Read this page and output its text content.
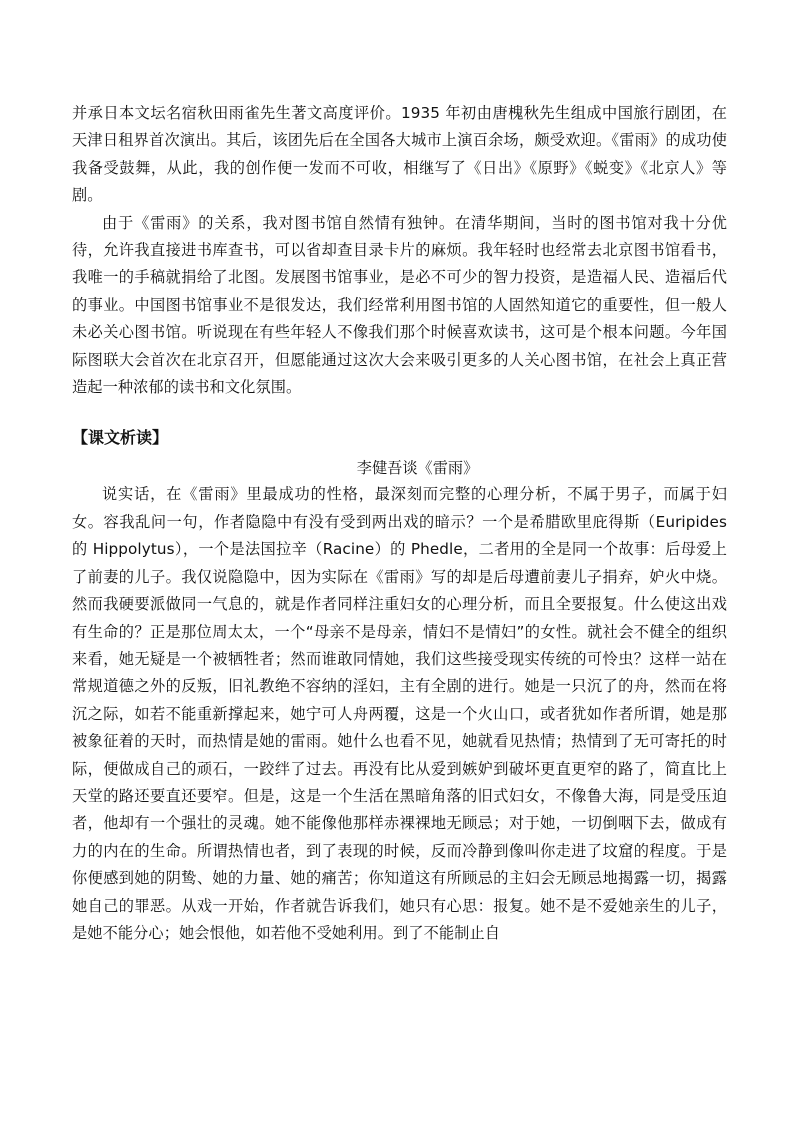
并承日本文坛名宿秋田雨雀先生著文高度评价。1935 年初由唐槐秋先生组成中国旅行剧团，在天津日租界首次演出。其后，该团先后在全国各大城市上演百余场，颇受欢迎。《雷雨》的成功使我备受鼓舞，从此，我的创作便一发而不可收，相继写了《日出》《原野》《蜕变》《北京人》等剧。

由于《雷雨》的关系，我对图书馆自然情有独钟。在清华期间，当时的图书馆对我十分优待，允许我直接进书库查书，可以省却查目录卡片的麻烦。我年轻时也经常去北京图书馆看书，我唯一的手稿就捐给了北图。发展图书馆事业，是必不可少的智力投资，是造福人民、造福后代的事业。中国图书馆事业不是很发达，我们经常利用图书馆的人固然知道它的重要性，但一般人未必关心图书馆。听说现在有些年轻人不像我们那个时候喜欢读书，这可是个根本问题。今年国际图联大会首次在北京召开，但愿能通过这次大会来吸引更多的人关心图书馆，在社会上真正营造起一种浓郁的读书和文化氛围。

【课文析读】
李健吾谈《雷雨》

说实话，在《雷雨》里最成功的性格，最深刻而完整的心理分析，不属于男子，而属于妇女。容我乱问一句，作者隐隐中有没有受到两出戏的暗示？一个是希腊欧里庇得斯（Euripides 的 Hippolytus），一个是法国拉辛（Racine）的 Phedle，二者用的全是同一个故事：后母爱上了前妻的儿子。我仅说隐隐中，因为实际在《雷雨》写的却是后母遭前妻儿子捐弃，妒火中烧。然而我硬要派做同一气息的，就是作者同样注重妇女的心理分析，而且全要报复。什么使这出戏有生命的？正是那位周太太，一个“母亲不是母亲，情妇不是情妇”的女性。就社会不健全的组织来看，她无疑是一个被牺牲者；然而谁敢同情她，我们这些接受现实传统的可怜虫？这样一站在常规道德之外的反叛，旧礼教绝不容纳的淫妇，主有全剧的进行。她是一只沉了的舟，然而在将沉之际，如若不能重新撑起来，她宁可人舟两覆，这是一个火山口，或者犹如作者所谓，她是那被象征着的天时，而热情是她的雷雨。她什么也看不见，她就看见热情；热情到了无可寄托的时际，便做成自己的顽石，一跤绊了过去。再没有比从爱到嫉妒到破坏更直更窄的路了，简直比上天堂的路还要直还要窄。但是，这是一个生活在黑暗角落的旧式妇女，不像鲁大海，同是受压迫者，他却有一个强壮的灵魂。她不能像他那样赤裸裸地无顾忌；对于她，一切倒咽下去，做成有力的内在的生命。所谓热情也者，到了表现的时候，反而冷静到像叫你走进了坟窟的程度。于是你便感到她的阴鸷、她的力量、她的痛苦；你知道这有所顾忌的主妇会无顾忌地揭露一切，揭露她自己的罪恶。从戏一开始，作者就告诉我们，她只有心思：报复。她不是不爱她亲生的儿子，是她不能分心；她会恨他，如若他不受她利用。到了不能制止自
